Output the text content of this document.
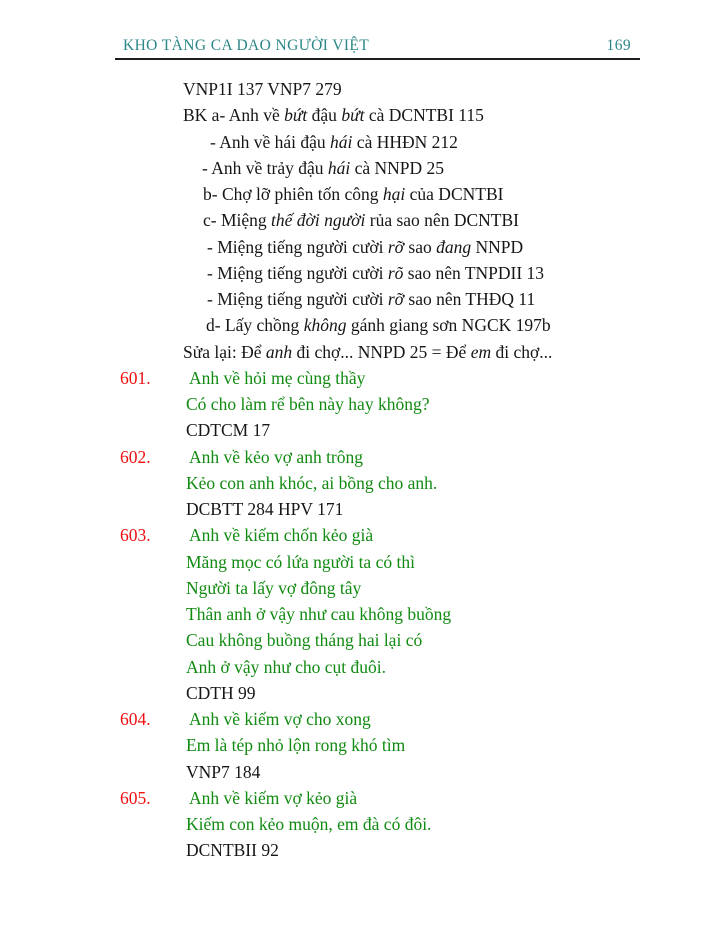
KHO TÀNG CA DAO NGƯỜI VIỆT	169
VNP1I 137 VNP7 279
BK a- Anh về bứt đậu bứt cà DCNTBI 115
- Anh về hái đậu hái cà HHĐN 212
- Anh về trảy đậu hái cà NNPD 25
b- Chợ lỡ phiên tốn công hại của DCNTBI
c- Miệng thế đời người rủa sao nên DCNTBI
- Miệng tiếng người cười rỡ sao đang NNPD
- Miệng tiếng người cười rõ sao nên TNPDII 13
- Miệng tiếng người cười rỡ sao nên THĐQ 11
d- Lấy chồng không gánh giang sơn NGCK 197b
Sửa lại: Để anh đi chợ... NNPD 25 = Để em đi chợ...
601. Anh về hỏi mẹ cùng thầy
Có cho làm rể bên này hay không?
CDTCM 17
602. Anh về kẻo vợ anh trông
Kẻo con anh khóc, ai bồng cho anh.
DCBTT 284 HPV 171
603. Anh về kiếm chốn kẻo già
Măng mọc có lứa người ta có thì
Người ta lấy vợ đông tây
Thân anh ở vậy như cau không buồng
Cau không buồng tháng hai lại có
Anh ở vậy như cho cụt đuôi.
CDTH 99
604. Anh về kiếm vợ cho xong
Em là tép nhỏ lộn rong khó tìm
VNP7 184
605. Anh về kiếm vợ kẻo già
Kiếm con kẻo muộn, em đà có đôi.
DCNTBII 92
